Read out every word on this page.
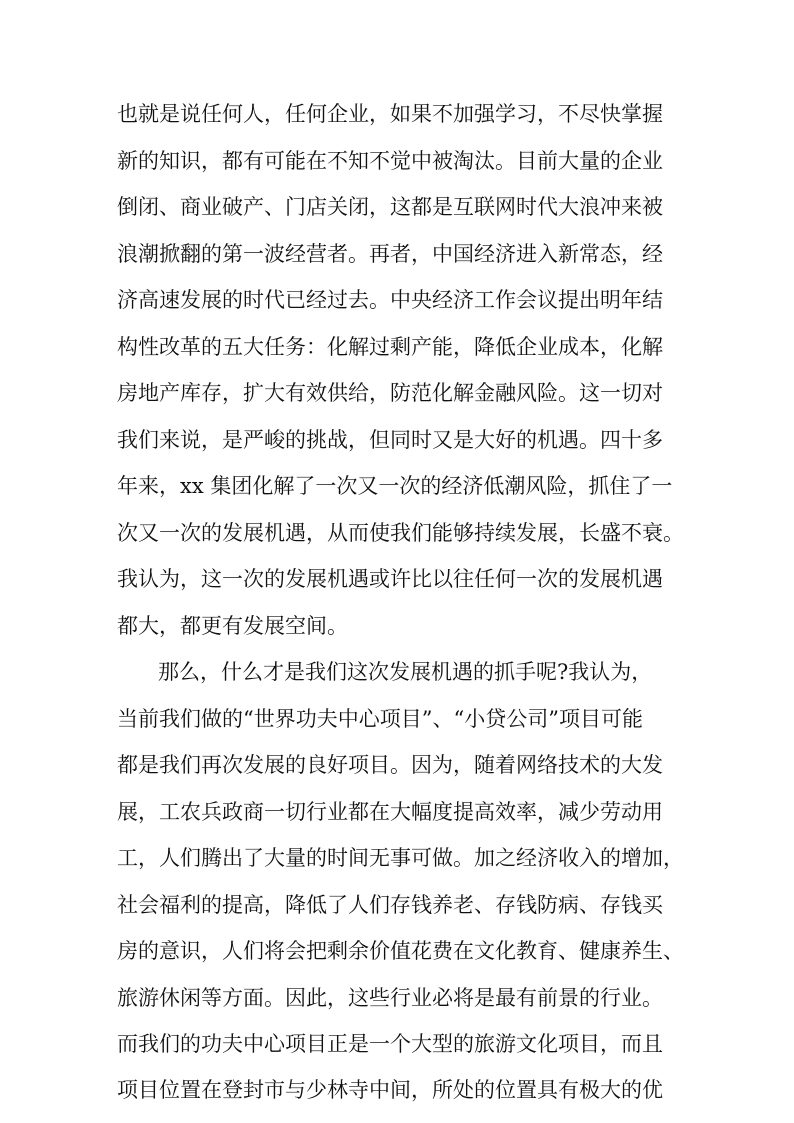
也就是说任何人，任何企业，如果不加强学习，不尽快掌握
新的知识，都有可能在不知不觉中被淘汰。目前大量的企业
倒闭、商业破产、门店关闭，这都是互联网时代大浪冲来被
浪潮掀翻的第一波经营者。再者，中国经济进入新常态，经
济高速发展的时代已经过去。中央经济工作会议提出明年结
构性改革的五大任务：化解过剩产能，降低企业成本，化解
房地产库存，扩大有效供给，防范化解金融风险。这一切对
我们来说，是严峻的挑战，但同时又是大好的机遇。四十多
年来，xx 集团化解了一次又一次的经济低潮风险，抓住了一
次又一次的发展机遇，从而使我们能够持续发展，长盛不衰。
我认为，这一次的发展机遇或许比以往任何一次的发展机遇
都大，都更有发展空间。
那么，什么才是我们这次发展机遇的抓手呢?我认为，
当前我们做的“世界功夫中心项目”、“小贷公司”项目可能
都是我们再次发展的良好项目。因为，随着网络技术的大发
展，工农兵政商一切行业都在大幅度提高效率，减少劳动用
工，人们腾出了大量的时间无事可做。加之经济收入的增加，
社会福利的提高，降低了人们存钱养老、存钱防病、存钱买
房的意识，人们将会把剩余价值花费在文化教育、健康养生、
旅游休闲等方面。因此，这些行业必将是最有前景的行业。
而我们的功夫中心项目正是一个大型的旅游文化项目，而且
项目位置在登封市与少林寺中间，所处的位置具有极大的优
